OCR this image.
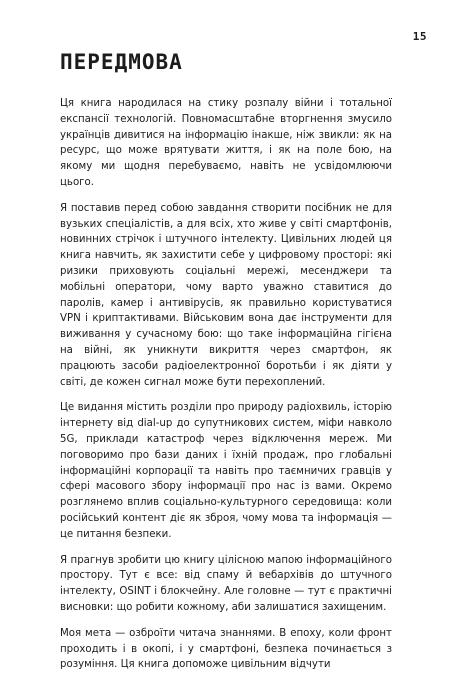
15
ПЕРЕДМОВА

Ця книга народилася на стику розпалу війни і тотальної експансії технологій. Повномасштабне вторгнення змусило українців дивитися на інформацію інакше, ніж звикли: як на ресурс, що може врятувати життя, і як на поле бою, на якому ми щодня перебуваємо, навіть не усвідомлюючи цього.

Я поставив перед собою завдання створити посібник не для вузьких спеціалістів, а для всіх, хто живе у світі смартфонів, новинних стрічок і штучного інтелекту. Цивільних людей ця книга навчить, як захистити себе у цифровому просторі: які ризики приховують соціальні мережі, месенджери та мобільні оператори, чому варто уважно ставитися до паролів, камер і антивірусів, як правильно користуватися VPN і криптактивами. Військовим вона дає інструменти для виживання у сучасному бою: що таке інформаційна гігієна на війні, як уникнути викриття через смартфон, як працюють засоби радіоелектронної боротьби і як діяти у світі, де кожен сигнал може бути перехоплений.

Це видання містить розділи про природу радіохвиль, історію інтернету від dial-up до супутникових систем, міфи навколо 5G, приклади катастроф через відключення мереж. Ми поговоримо про бази даних і їхній продаж, про глобальні інформаційні корпорації та навіть про таємничих гравців у сфері масового збору інформації про нас із вами. Окремо розглянемо вплив соціально-культурного середовища: коли російський контент діє як зброя, чому мова та інформація — це питання безпеки.

Я прагнув зробити цю книгу цілісною мапою інформаційного простору. Тут є все: від спаму й вебархівів до штучного інтелекту, OSINT і блокчейну. Але головне — тут є практичні висновки: що робити кожному, аби залишатися захищеним.

Моя мета — озброїти читача знаннями. В епоху, коли фронт проходить і в окопі, і у смартфоні, безпека починається з розуміння. Ця книга допоможе цивільним відчути
